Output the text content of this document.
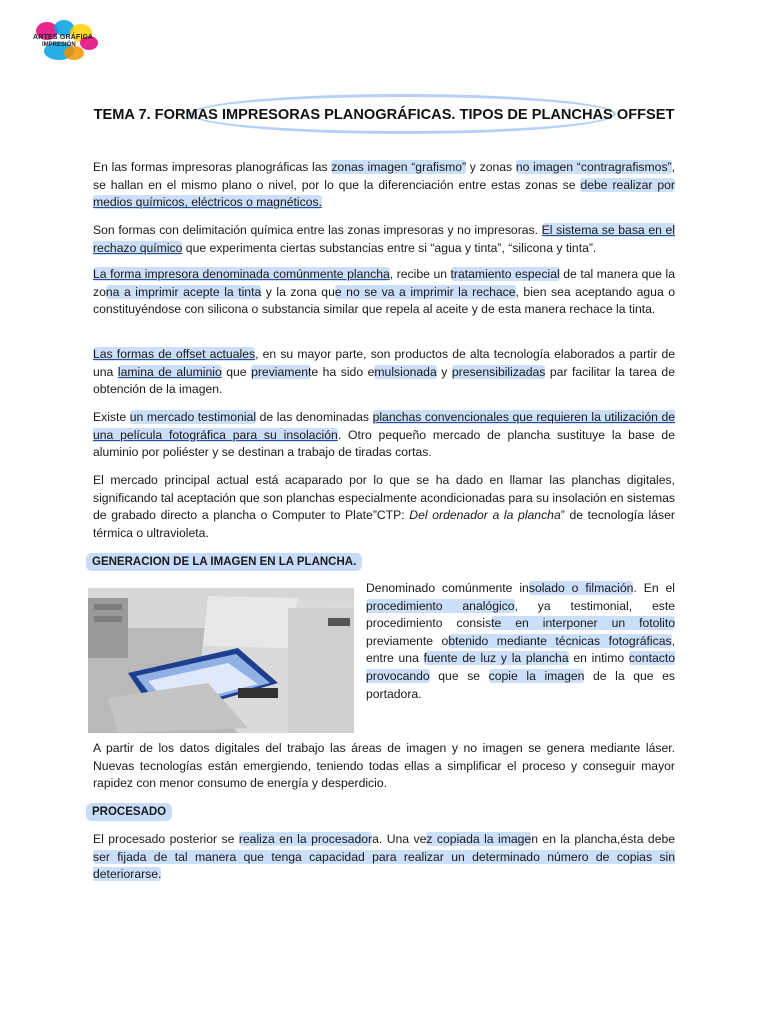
ARTES GRÁFICA
IMPRESIÓN
TEMA 7. FORMAS IMPRESORAS PLANOGRÁFICAS. TIPOS DE PLANCHAS OFFSET

En las formas impresoras planográficas las zonas imagen “grafismo” y zonas no imagen “contragrafismos”, se hallan en el mismo plano o nivel, por lo que la diferenciación entre estas zonas se debe realizar por medios químicos, eléctricos o magnéticos.

Son formas con delimitación química entre las zonas impresoras y no impresoras. El sistema se basa en el rechazo químico que experimenta ciertas substancias entre si “agua y tinta”, “silicona y tinta”.

La forma impresora denominada comúnmente plancha, recibe un tratamiento especial de tal manera que la zona a imprimir acepte la tinta y la zona que no se va a imprimir la rechace, bien sea aceptando agua o constituyéndose con silicona o substancia similar que repela al aceite y de esta manera rechace la tinta.

Las formas de offset actuales, en su mayor parte, son productos de alta tecnología elaborados a partir de una lamina de aluminio que previamente ha sido emulsionada y presensibilizadas par facilitar la tarea de obtención de la imagen.

Existe un mercado testimonial de las denominadas planchas convencionales que requieren la utilización de una película fotográfica para su insolación. Otro pequeño mercado de plancha sustituye la base de aluminio por poliéster y se destinan a trabajo de tiradas cortas.

El mercado principal actual está acaparado por lo que se ha dado en llamar las planchas digitales, significando tal aceptación que son planchas especialmente acondicionadas para su insolación en sistemas de grabado directo a plancha o Computer to Plate”CTP: Del ordenador a la plancha” de tecnología láser térmica o ultravioleta.

GENERACION DE LA IMAGEN EN LA PLANCHA.

Denominado comúnmente insolado o filmación. En el procedimiento analógico, ya testimonial, este procedimiento consiste en interponer un fotolito previamente obtenido mediante técnicas fotográficas, entre una fuente de luz y la plancha en intimo contacto provocando que se copie la imagen de la que es portadora.

A partir de los datos digitales del trabajo las áreas de imagen y no imagen se genera mediante láser. Nuevas tecnologías están emergiendo, teniendo todas ellas a simplificar el proceso y conseguir mayor rapidez con menor consumo de energía y desperdicio.

PROCESADO

El procesado posterior se realiza en la procesadora. Una vez copiada la imagen en la plancha,ésta debe ser fijada de tal manera que tenga capacidad para realizar un determinado número de copias sin deteriorarse.
